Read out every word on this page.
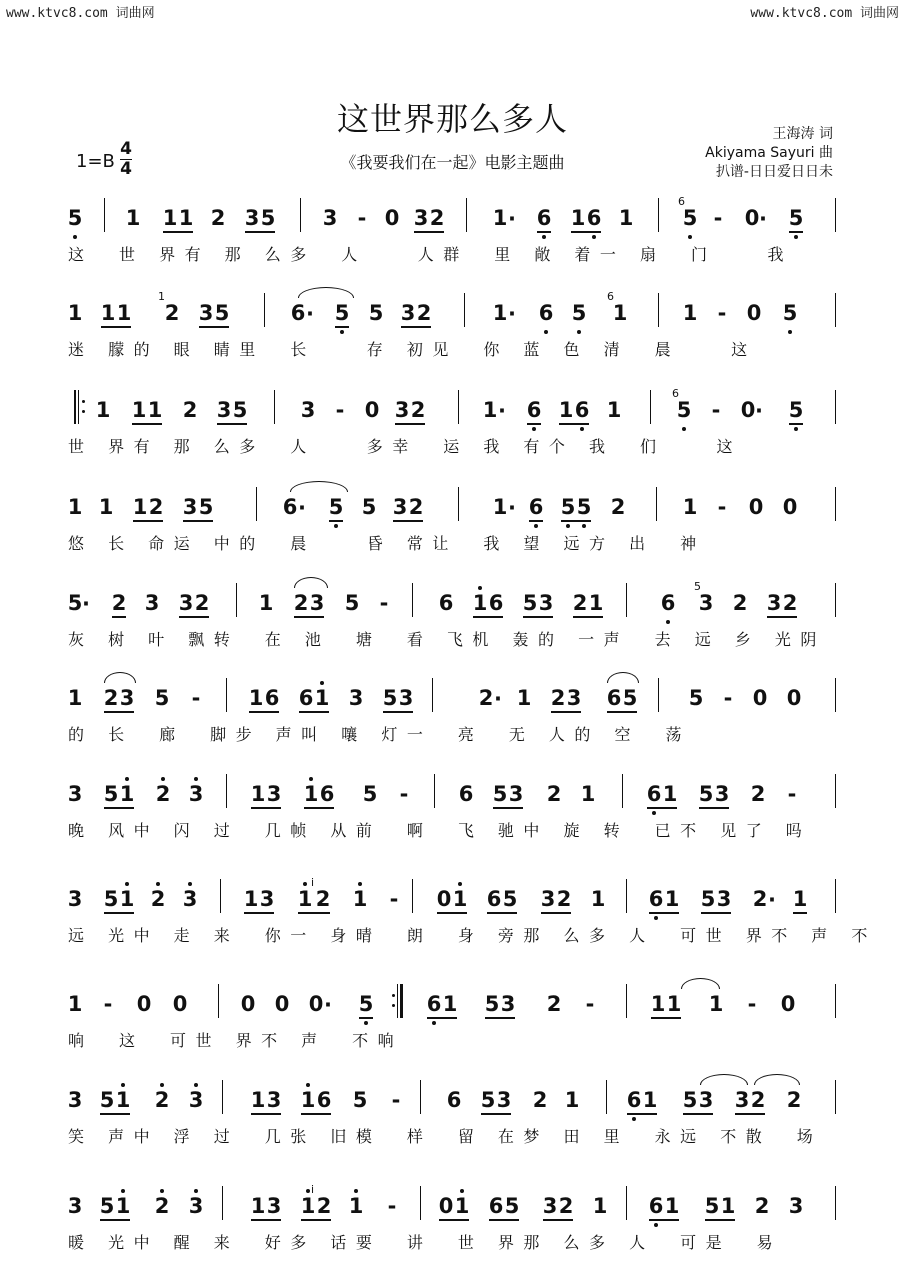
www.ktvc8.com 词曲网	www.ktvc8.com 词曲网
这世界那么多人
《我要我们在一起》电影主题曲
1=B
4
4
王海涛 词
Akiyama Sayuri 曲
扒谱-日日爱日日未
5 1 1 1 2 3 5 3 - 0 3 2 1 · 6 1 6 1 5 -	0 · 5
6
这　世 界有 那 么多　人　　人群　里 敞 着一 扇　门　　我
1 1 1 2 3 5	6 · 5 5 3 2	1 · 6 5 1	1 - 0 5
1	6
迷 朦的 眼 睛里　长　　存 初见　你 蓝 色 清　晨　　这
1 1 1 2 3 5	3 - 0 3 2	1 · 6 1 6 1	5 - 0 · 5
6
世 界有 那 么多　人　　多幸　运 我 有个 我　们　　这
1 1 1 2 3 5	6 · 5 5 3 2	1 · 6 5 5 2	1 -	0 0
悠 长 命运 中的　晨　　昏 常让　我 望 远方 出　神
5 · 2 3 3 2 1 2 3 5 -	6 1 6 5 3 2 1	6 3 2 3 2
5
灰 树 叶 飘转　在 池　塘　看 飞机 轰的 一声　去 远 乡 光阴
1 2 3 5	-	1 6 6 1 3 5 3	2 · 1 2 3 6 5 5 - 0 0
的 长　廊　脚步 声叫 嚷 灯一　亮　无 人的 空　荡
3 5 1 2 3 1 3 1 6 5	-	6 5 3 2 1 6 1 5 3 2	-
晚 风中 闪 过　几帧 从前　啊　飞 驰中 旋 转　已不 见了 吗
3 5 1 2 3 1 3 1 2 1	-	0 1 6 5 3 2 1 6 1 5 3 2 · 1
i
远 光中 走 来　你一 身晴　朗　身 旁那 么多 人　可世 界不 声 不
1	-	0 0	0 0 0 · 5	6 1 5 3 2	-	1 1 1	-	0
响　这　可世 界不 声　不响
3 5 1 2 3 1 3 1 6 5	-	6 5 3 2 1 6 1 5 3 3 2 2
笑 声中 浮 过　几张 旧模　样　留 在梦 田 里　永远 不散　场
3 5 1 2 3 1 3 1 2 1	-	0 1 6 5 3 2 1 6 1 5 1 2 3
i
暖 光中 醒 来　好多 话要　讲　世 界那 么多 人　可是　易
